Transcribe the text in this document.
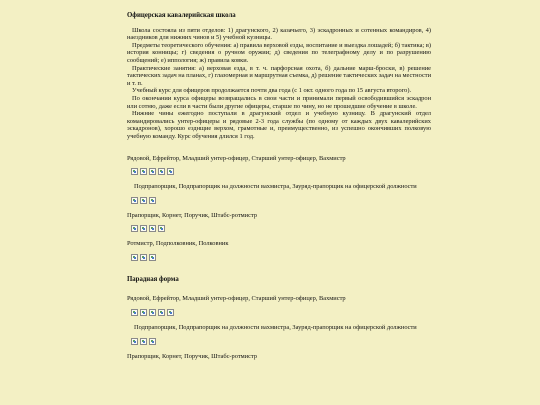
Офицерская кавалерийская школа

Школа состояла из пяти отделов: 1) драгунского, 2) казачьего, 3) эскадронных и сотенных командиров, 4) наездников для нижних чинов и 5) учебной кузницы.

Предметы теоретического обучения: а) правила верховой езды, воспитание и выездка лошадей; б) тактика; в) история конницы; г) сведения о ручном оружии; д) сведения по телеграфному делу и по разрушению сообщений; е) иппология; ж) правила ковки.

Практические занятия: а) верховая езда, в т. ч. парфорсная охота, б) дальние марш-броски, в) решение тактических задач на планах, г) глазомерная и маршрутная съемка, д) решение тактических задач на местности и т. п.

Учебный курс для офицеров продолжается почти два года (с 1 окт. одного года по 15 августа второго).

По окончании курса офицеры возвращались в свои части и принимали первый освободившийся эскадрон или сотню, даже если в части были другие офицеры, старше по чину, но не прошедшие обучение в школе.

Нижние чины ежегодно поступали в драгунский отдел и учебную кузницу. В драгунский отдел командировались унтер-офицеры и рядовые 2-3 года службы (по одному от каждых двух кавалерийских эскадронов), хорошо езднщие верхом, грамотные и, преимущественно, из успешно окончивших полковую учебную команду. Курс обучения длился 1 год.

Рядовой, Ефрейтор, Младший унтер-офицер, Старший унтер-офицер, Вахмистр

Подпрапорщик, Подпрапорщик на должности вахмистра, Зауряд-прапорщик на офицерской должности

Прапорщик, Корнет, Поручик, Штабс-ротмистр

Ротмистр, Подполковник, Полковник

Парадная форма

Рядовой, Ефрейтор, Младший унтер-офицер, Старший унтер-офицер, Вахмистр

Подпрапорщик, Подпрапорщик на должности вахмистра, Зауряд-прапорщик на офицерской должности

Прапорщик, Корнет, Поручик, Штабс-ротмистр
